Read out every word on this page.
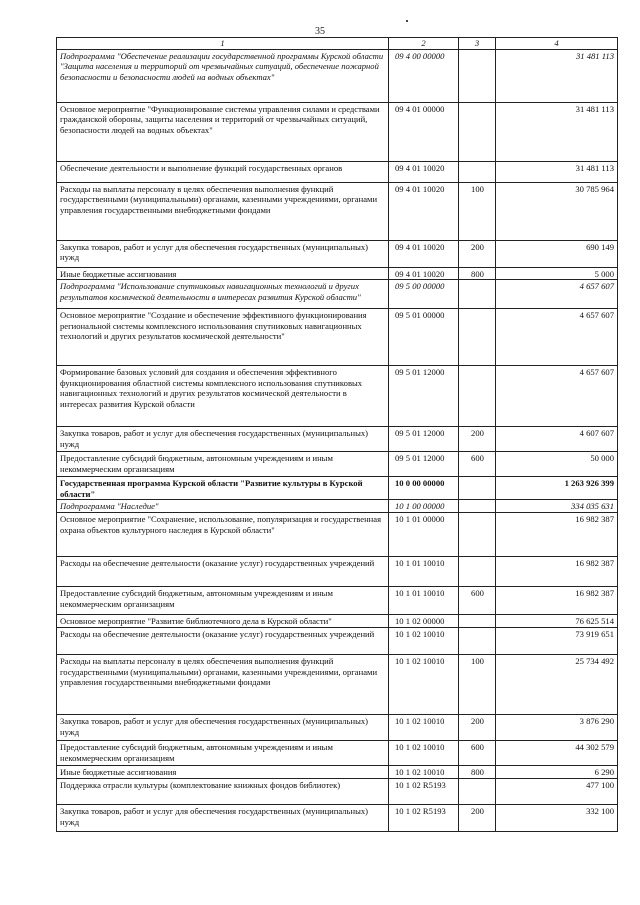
35
1	2	3	4
Подпрограмма "Обеспечение реализации государственной программы Курской области "Защита населения и территорий от чрезвычайных ситуаций, обеспечение пожарной безопасности и безопасности людей на водных объектах"	09 4 00 00000		31 481 113
Основное мероприятие "Функционирование системы управления силами и средствами гражданской обороны, защиты населения и территорий от чрезвычайных ситуаций, безопасности людей на водных объектах"	09 4 01 00000		31 481 113
Обеспечение деятельности и выполнение функций государственных органов	09 4 01 10020		31 481 113
Расходы на выплаты персоналу в целях обеспечения выполнения функций государственными (муниципальными) органами, казенными учреждениями, органами управления государственными внебюджетными фондами	09 4 01 10020	100	30 785 964
Закупка товаров, работ и услуг для обеспечения государственных (муниципальных) нужд	09 4 01 10020	200	690 149
Иные бюджетные ассигнования	09 4 01 10020	800	5 000
Подпрограмма "Использование спутниковых навигационных технологий и других результатов космической деятельности в интересах развития Курской области"	09 5 00 00000		4 657 607
Основное мероприятие "Создание и обеспечение эффективного функционирования региональной системы комплексного использования спутниковых навигационных технологий и других результатов космической деятельности"	09 5 01 00000		4 657 607
Формирование базовых условий для создания и обеспечения эффективного функционирования областной системы комплексного использования спутниковых навигационных технологий и других результатов космической деятельности в интересах развития Курской области	09 5 01 12000		4 657 607
Закупка товаров, работ и услуг для обеспечения государственных (муниципальных) нужд	09 5 01 12000	200	4 607 607
Предоставление субсидий бюджетным, автономным учреждениям и иным некоммерческим организациям	09 5 01 12000	600	50 000
Государственная программа Курской области "Развитие культуры в Курской области"	10 0 00 00000		1 263 926 399
Подпрограмма "Наследие"	10 1 00 00000		334 035 631
Основное мероприятие "Сохранение, использование, популяризация и государственная охрана объектов культурного наследия в Курской области"	10 1 01 00000		16 982 387
Расходы на обеспечение деятельности (оказание услуг) государственных учреждений	10 1 01 10010		16 982 387
Предоставление субсидий бюджетным, автономным учреждениям и иным некоммерческим организациям	10 1 01 10010	600	16 982 387
Основное мероприятие "Развитие библиотечного дела в Курской области"	10 1 02 00000		76 625 514
Расходы на обеспечение деятельности (оказание услуг) государственных учреждений	10 1 02 10010		73 919 651
Расходы на выплаты персоналу в целях обеспечения выполнения функций государственными (муниципальными) органами, казенными учреждениями, органами управления государственными внебюджетными фондами	10 1 02 10010	100	25 734 492
Закупка товаров, работ и услуг для обеспечения государственных (муниципальных) нужд	10 1 02 10010	200	3 876 290
Предоставление субсидий бюджетным, автономным учреждениям и иным некоммерческим организациям	10 1 02 10010	600	44 302 579
Иные бюджетные ассигнования	10 1 02 10010	800	6 290
Поддержка отрасли культуры (комплектование книжных фондов библиотек)	10 1 02 R5193		477 100
Закупка товаров, работ и услуг для обеспечения государственных (муниципальных) нужд	10 1 02 R5193	200	332 100
